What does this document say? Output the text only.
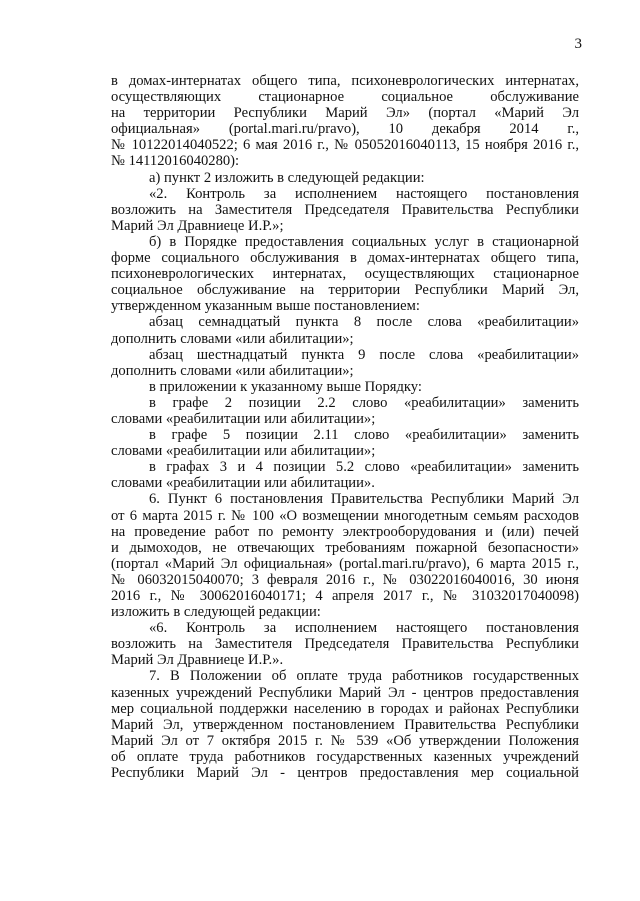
3
в домах-интернатах общего типа, психоневрологических интернатах,
осуществляющих стационарное социальное обслуживание
на территории Республики Марий Эл» (портал «Марий Эл
официальная» (portal.mari.ru/pravo), 10 декабря 2014 г.,
№ 10122014040522; 6 мая 2016 г., № 05052016040113, 15 ноября 2016 г.,
№ 14112016040280):
а) пункт 2 изложить в следующей редакции:
«2. Контроль за исполнением настоящего постановления
возложить на Заместителя Председателя Правительства Республики
Марий Эл Дравниеце И.Р.»;
б) в Порядке предоставления социальных услуг в стационарной
форме социального обслуживания в домах-интернатах общего типа,
психоневрологических интернатах, осуществляющих стационарное
социальное обслуживание на территории Республики Марий Эл,
утвержденном указанным выше постановлением:
абзац семнадцатый пункта 8 после слова «реабилитации»
дополнить словами «или абилитации»;
абзац шестнадцатый пункта 9 после слова «реабилитации»
дополнить словами «или абилитации»;
в приложении к указанному выше Порядку:
в графе 2 позиции 2.2 слово «реабилитации» заменить
словами «реабилитации или абилитации»;
в графе 5 позиции 2.11 слово «реабилитации» заменить
словами «реабилитации или абилитации»;
в графах 3 и 4 позиции 5.2 слово «реабилитации» заменить
словами «реабилитации или абилитации».
6. Пункт 6 постановления Правительства Республики Марий Эл
от 6 марта 2015 г. № 100 «О возмещении многодетным семьям расходов
на проведение работ по ремонту электрооборудования и (или) печей
и дымоходов, не отвечающих требованиям пожарной безопасности»
(портал «Марий Эл официальная» (portal.mari.ru/pravo), 6 марта 2015 г.,
№ 06032015040070; 3 февраля 2016 г., № 03022016040016, 30 июня
2016 г., № 30062016040171; 4 апреля 2017 г., № 31032017040098)
изложить в следующей редакции:
«6. Контроль за исполнением настоящего постановления
возложить на Заместителя Председателя Правительства Республики
Марий Эл Дравниеце И.Р.».
7. В Положении об оплате труда работников государственных
казенных учреждений Республики Марий Эл - центров предоставления
мер социальной поддержки населению в городах и районах Республики
Марий Эл, утвержденном постановлением Правительства Республики
Марий Эл от 7 октября 2015 г. № 539 «Об утверждении Положения
об оплате труда работников государственных казенных учреждений
Республики Марий Эл - центров предоставления мер социальной
